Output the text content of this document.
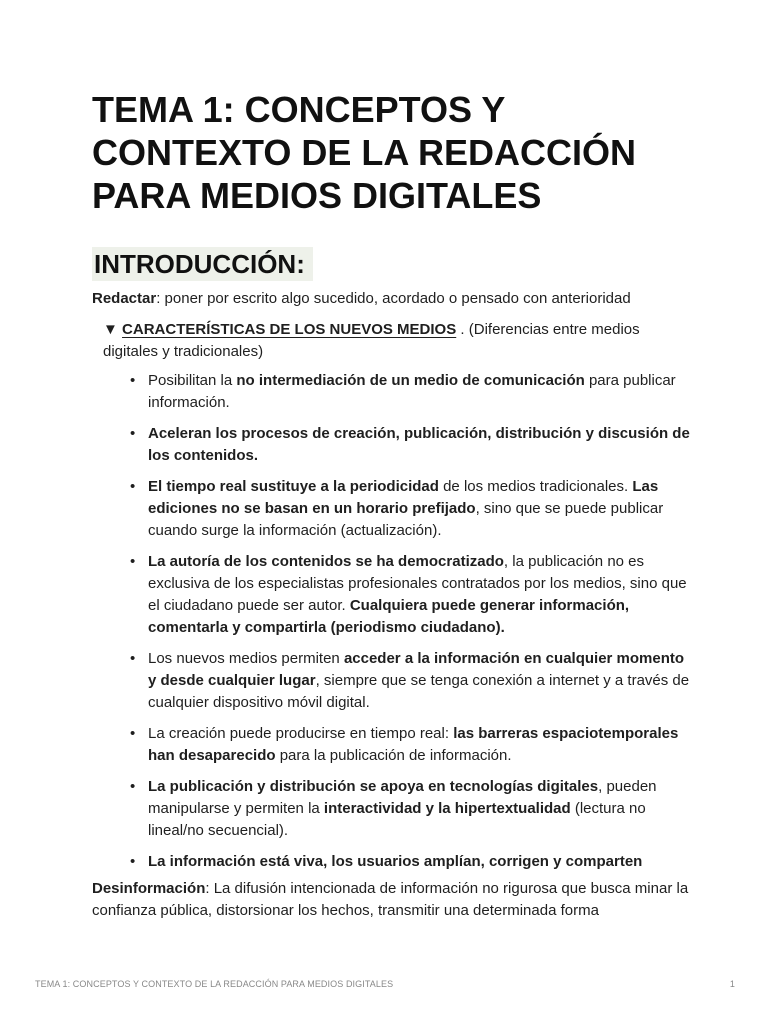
TEMA 1: CONCEPTOS Y CONTEXTO DE LA REDACCIÓN PARA MEDIOS DIGITALES
INTRODUCCIÓN:

Redactar: poner por escrito algo sucedido, acordado o pensado con anterioridad

▼ CARACTERÍSTICAS DE LOS NUEVOS MEDIOS . (Diferencias entre medios digitales y tradicionales)

• Posibilitan la no intermediación de un medio de comunicación para publicar información.
• Aceleran los procesos de creación, publicación, distribución y discusión de los contenidos.
• El tiempo real sustituye a la periodicidad de los medios tradicionales. Las ediciones no se basan en un horario prefijado, sino que se puede publicar cuando surge la información (actualización).
• La autoría de los contenidos se ha democratizado, la publicación no es exclusiva de los especialistas profesionales contratados por los medios, sino que el ciudadano puede ser autor. Cualquiera puede generar información, comentarla y compartirla (periodismo ciudadano).
• Los nuevos medios permiten acceder a la información en cualquier momento y desde cualquier lugar, siempre que se tenga conexión a internet y a través de cualquier dispositivo móvil digital.
• La creación puede producirse en tiempo real: las barreras espaciotemporales han desaparecido para la publicación de información.
• La publicación y distribución se apoya en tecnologías digitales, pueden manipularse y permiten la interactividad y la hipertextualidad (lectura no lineal/no secuencial).
• La información está viva, los usuarios amplían, corrigen y comparten

Desinformación: La difusión intencionada de información no rigurosa que busca minar la confianza pública, distorsionar los hechos, transmitir una determinada forma

TEMA 1: CONCEPTOS Y CONTEXTO DE LA REDACCIÓN PARA MEDIOS DIGITALES	1
